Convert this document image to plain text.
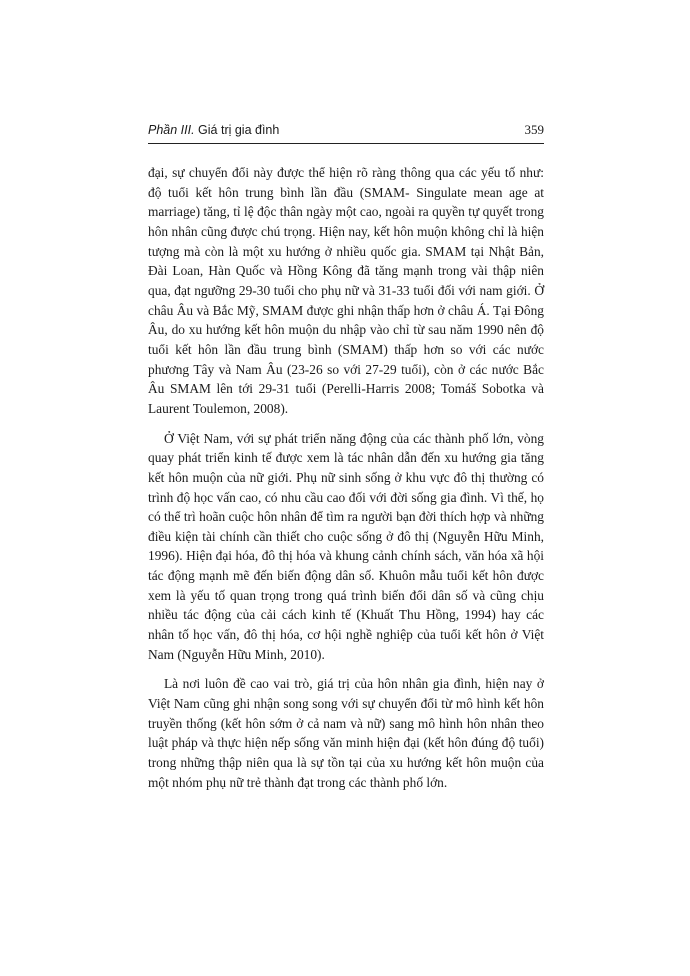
Phần III. Giá trị gia đình	359

đại, sự chuyển đổi này được thể hiện rõ ràng thông qua các yếu tố như: độ tuổi kết hôn trung bình lần đầu (SMAM- Singulate mean age at marriage) tăng, tỉ lệ độc thân ngày một cao, ngoài ra quyền tự quyết trong hôn nhân cũng được chú trọng. Hiện nay, kết hôn muộn không chỉ là hiện tượng mà còn là một xu hướng ở nhiều quốc gia. SMAM tại Nhật Bản, Đài Loan, Hàn Quốc và Hồng Kông đã tăng mạnh trong vài thập niên qua, đạt ngưỡng 29-30 tuổi cho phụ nữ và 31-33 tuổi đối với nam giới. Ở châu Âu và Bắc Mỹ, SMAM được ghi nhận thấp hơn ở châu Á. Tại Đông Âu, do xu hướng kết hôn muộn du nhập vào chỉ từ sau năm 1990 nên độ tuổi kết hôn lần đầu trung bình (SMAM) thấp hơn so với các nước phương Tây và Nam Âu (23-26 so với 27-29 tuổi), còn ở các nước Bắc Âu SMAM lên tới 29-31 tuổi (Perelli-Harris 2008; Tomáš Sobotka và Laurent Toulemon, 2008).

Ở Việt Nam, với sự phát triển năng động của các thành phố lớn, vòng quay phát triển kinh tế được xem là tác nhân dẫn đến xu hướng gia tăng kết hôn muộn của nữ giới. Phụ nữ sinh sống ở khu vực đô thị thường có trình độ học vấn cao, có nhu cầu cao đối với đời sống gia đình. Vì thế, họ có thể trì hoãn cuộc hôn nhân để tìm ra người bạn đời thích hợp và những điều kiện tài chính cần thiết cho cuộc sống ở đô thị (Nguyễn Hữu Minh, 1996). Hiện đại hóa, đô thị hóa và khung cảnh chính sách, văn hóa xã hội tác động mạnh mẽ đến biến động dân số. Khuôn mẫu tuổi kết hôn được xem là yếu tố quan trọng trong quá trình biến đổi dân số và cũng chịu nhiều tác động của cải cách kinh tế (Khuất Thu Hồng, 1994) hay các nhân tố học vấn, đô thị hóa, cơ hội nghề nghiệp của tuổi kết hôn ở Việt Nam (Nguyễn Hữu Minh, 2010).

Là nơi luôn đề cao vai trò, giá trị của hôn nhân gia đình, hiện nay ở Việt Nam cũng ghi nhận song song với sự chuyển đổi từ mô hình kết hôn truyền thống (kết hôn sớm ở cả nam và nữ) sang mô hình hôn nhân theo luật pháp và thực hiện nếp sống văn minh hiện đại (kết hôn đúng độ tuổi) trong những thập niên qua là sự tồn tại của xu hướng kết hôn muộn của một nhóm phụ nữ trẻ thành đạt trong các thành phố lớn.
